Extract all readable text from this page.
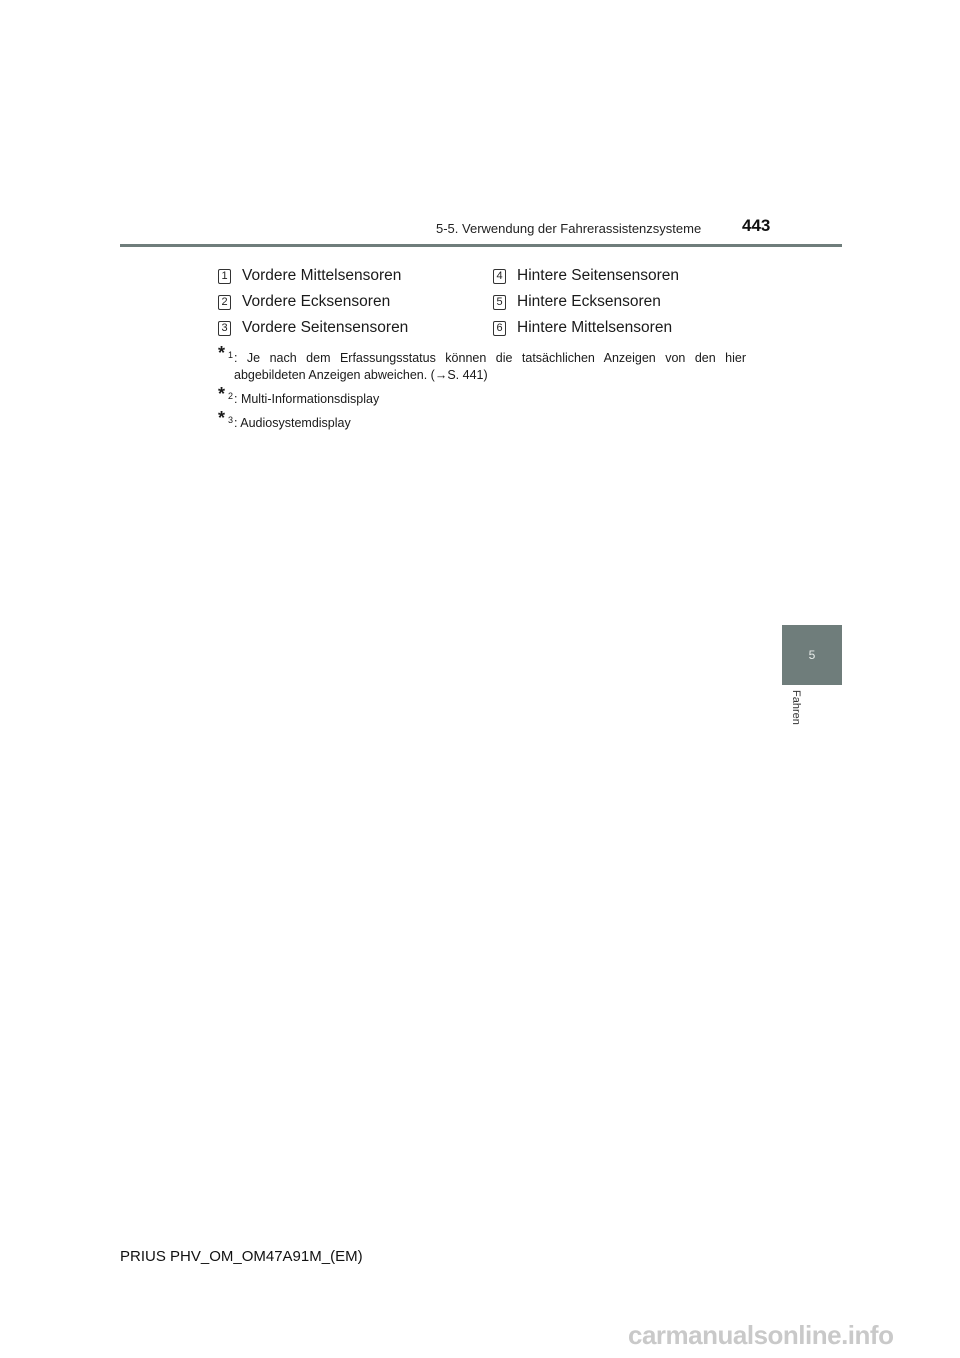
5-5. Verwendung der Fahrerassistenzsysteme 443
1 Vordere Mittelsensoren
2 Vordere Ecksensoren
3 Vordere Seitensensoren
4 Hintere Seitensensoren
5 Hintere Ecksensoren
6 Hintere Mittelsensoren
* 1 : Je nach dem Erfassungsstatus können die tatsächlichen Anzeigen von den hier abgebildeten Anzeigen abweichen. (→S. 441)
* 2 : Multi-Informationsdisplay
* 3 : Audiosystemdisplay
5
Fahren
PRIUS PHV_OM_OM47A91M_(EM)
carmanualsonline.info
